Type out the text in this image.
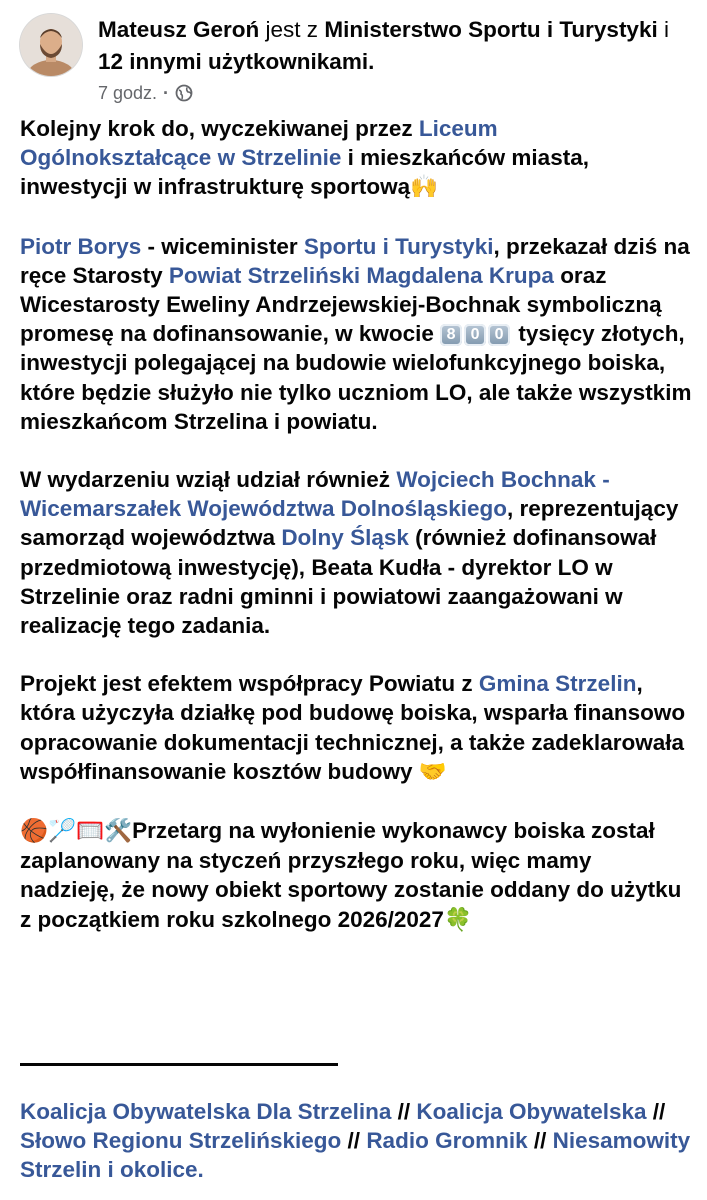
Mateusz Geroń jest z Ministerstwo Sportu i Turystyki i 12 innymi użytkownikami.
7 godz. ·

Kolejny krok do, wyczekiwanej przez Liceum Ogólnokształcące w Strzelinie i mieszkańców miasta, inwestycji w infrastrukturę sportową🙌

Piotr Borys - wiceminister Sportu i Turystyki, przekazał dziś na ręce Starosty Powiat Strzeliński Magdalena Krupa oraz Wicestarosty Eweliny Andrzejewskiej-Bochnak symboliczną promesę na dofinansowanie, w kwocie 8 0 0 tysięcy złotych, inwestycji polegającej na budowie wielofunkcyjnego boiska, które będzie służyło nie tylko uczniom LO, ale także wszystkim mieszkańcom Strzelina i powiatu.

W wydarzeniu wziął udział również Wojciech Bochnak - Wicemarszałek Województwa Dolnośląskiego, reprezentujący samorząd województwa Dolny Śląsk (również dofinansował przedmiotową inwestycję), Beata Kudła - dyrektor LO w Strzelinie oraz radni gminni i powiatowi zaangażowani w realizację tego zadania.

Projekt jest efektem współpracy Powiatu z Gmina Strzelin, która użyczyła działkę pod budowę boiska, wsparła finansowo opracowanie dokumentacji technicznej, a także zadeklarowała współfinansowanie kosztów budowy 🤝

🏀🏸🥅🛠️Przetarg na wyłonienie wykonawcy boiska został zaplanowany na styczeń przyszłego roku, więc mamy nadzieję, że nowy obiekt sportowy zostanie oddany do użytku z początkiem roku szkolnego 2026/2027🍀

Koalicja Obywatelska Dla Strzelina // Koalicja Obywatelska // Słowo Regionu Strzelińskiego // Radio Gromnik // Niesamowity Strzelin i okolice.
